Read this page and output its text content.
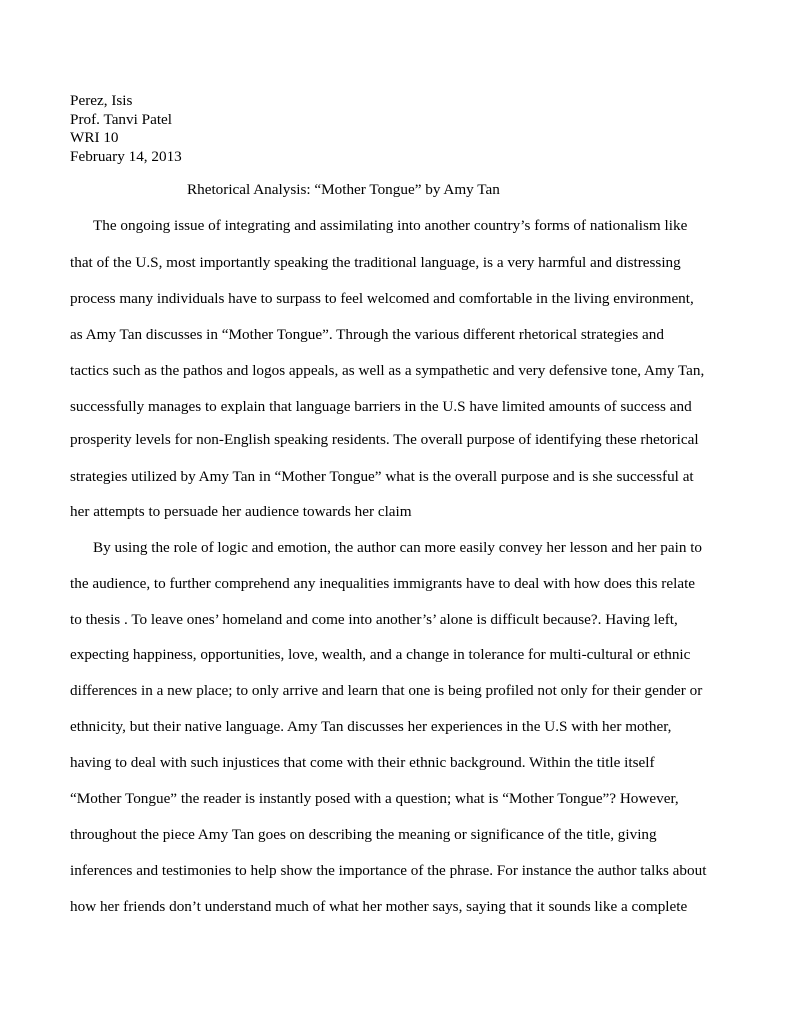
Perez, Isis
Prof. Tanvi Patel
WRI 10
February 14, 2013
Rhetorical Analysis: “Mother Tongue” by Amy Tan
The ongoing issue of integrating and assimilating into another country’s forms of nationalism like
that of the U.S, most importantly speaking the traditional language, is a very harmful and distressing
process many individuals have to surpass to feel welcomed and comfortable in the living environment,
as Amy Tan discusses in “Mother Tongue”. Through the various different rhetorical strategies and
tactics such as the pathos and logos appeals, as well as a sympathetic and very defensive tone, Amy Tan,
successfully manages to explain that language barriers in the U.S have limited amounts of success and
prosperity levels for non-English speaking residents. The overall purpose of identifying these rhetorical
strategies utilized by Amy Tan in “Mother Tongue” what is the overall purpose and is she successful at
her attempts to persuade her audience towards her claim
By using the role of logic and emotion, the author can more easily convey her lesson and her pain to
the audience, to further comprehend any inequalities immigrants have to deal with how does this relate
to thesis . To leave ones’ homeland and come into another’s’ alone is difficult because?. Having left,
expecting happiness, opportunities, love, wealth, and a change in tolerance for multi-cultural or ethnic
differences in a new place; to only arrive and learn that one is being profiled not only for their gender or
ethnicity, but their native language. Amy Tan discusses her experiences in the U.S with her mother,
having to deal with such injustices that come with their ethnic background. Within the title itself
“Mother Tongue” the reader is instantly posed with a question; what is “Mother Tongue”? However,
throughout the piece Amy Tan goes on describing the meaning or significance of the title, giving
inferences and testimonies to help show the importance of the phrase. For instance the author talks about
how her friends don’t understand much of what her mother says, saying that it sounds like a complete
